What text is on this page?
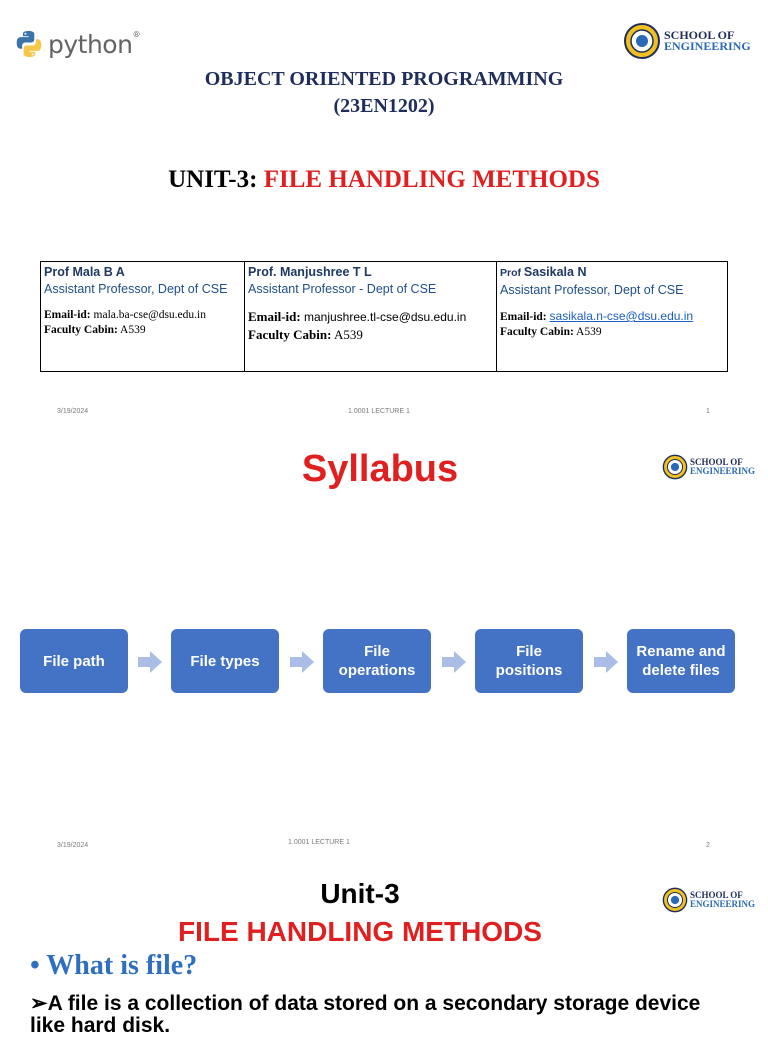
python®	SCHOOL OF
ENGINEERING
OBJECT ORIENTED PROGRAMMING
(23EN1202)
UNIT-3: FILE HANDLING METHODS
Prof Mala B A
Assistant Professor, Dept of CSE
Email-id: mala.ba-cse@dsu.edu.in
Faculty Cabin: A539

Prof. Manjushree T L
Assistant Professor - Dept of CSE
Email-id: manjushree.tl-cse@dsu.edu.in
Faculty Cabin: A539

Prof Sasikala N
Assistant Professor, Dept of CSE
Email-id: sasikala.n-cse@dsu.edu.in
Faculty Cabin: A539
3/19/2024	1.0001 LECTURE 1	1
Syllabus	SCHOOL OF
ENGINEERING
File path	File types
File operations
File positions
Rename and delete files
3/19/2024	1.0001 LECTURE 1	2
Unit-3
FILE HANDLING METHODS
SCHOOL OF
ENGINEERING
• What is file?
➢A file is a collection of data stored on a secondary storage device
like hard disk.
